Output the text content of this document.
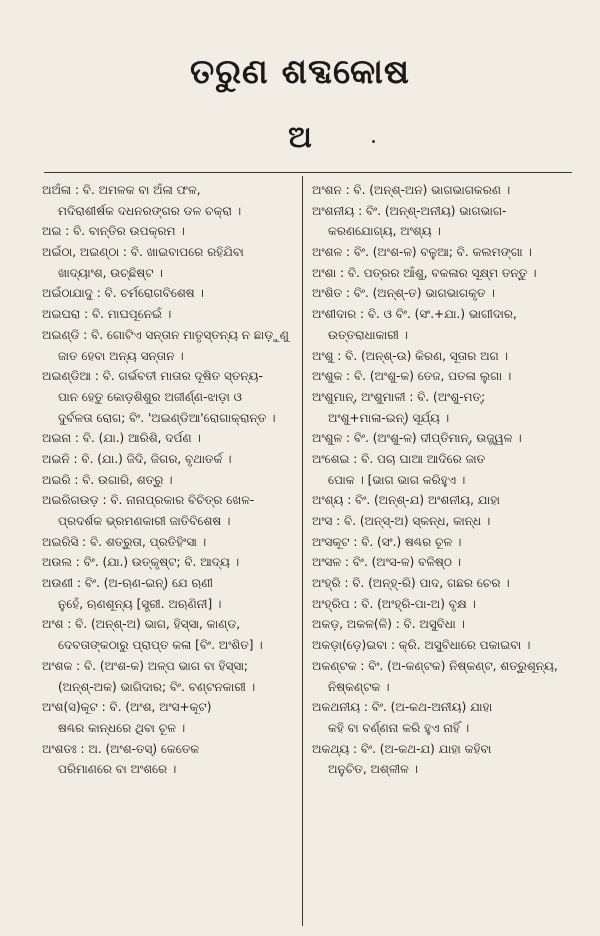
ତରୁଣ ଶବ୍ଦକୋଷ
ଅ
ଅଅଁଳା : ବି. ଅମଳକ ବା ଅଁଳା ଫଳ,
ମଦିରାଶୀର୍ଷକ ଦଧନରଙ୍ଗର ଡଳ ଚକ୍ରା ।
ଅଇ : ବି. ବାନ୍ତିର ଉପକ୍ରମ ।
ଅଇଁଠା, ଅଇଣ୍ଠା : ବି. ଖାଇବାପରେ ରହିଯିବା
ଖାଦ୍ୟାଂଶ, ଉଚ୍ଛିଷ୍ଟ ।
ଅଇଁଠାଯାଦୁ : ବି. ଚର୍ମରୋଗବିଶେଷ ।
ଅଇଘରା : ବି. ମାଘପୂନେଇଁ ।
ଅଇଣ୍ଡି : ବି. ଗୋଟିଏ ସନ୍ତାନ ମାତୃସ୍ତନ୍ୟ ନ ଛାଡ଼ୁଣୁ
ଜାତ ହେବା ଅନ୍ୟ ସନ୍ତାନ ।
ଅଇଣ୍ଡିଆ : ବି. ଗର୍ଭବତୀ ମାତାର ଦୂଷିତ ସ୍ତନ୍ୟ-
ପାନ ହେତୁ କୋଡ଼ଶିଶୁର ଅଜୀର୍ଣ୍ଣ-ଝାଡ଼ା ଓ
ଦୁର୍ବଳତା ରୋଗ; ବିଂ. 'ଅଇଣ୍ଡିଆ'ରୋଗାକ୍ରାନ୍ତ ।
ଅଇନା : ବି. (ଯା.) ଆରିଶି, ଦର୍ପଣ ।
ଅଇନି : ବି. (ଯା.) ଜିଦି, ଜିଗର, ବୃଥାତର୍କ ।
ଅଇରି : ବି. ଉଗାରି, ଶତ୍ରୁ ।
ଅଇରିଗଉଡ଼ : ବି. ନାନାପ୍ରକାର ବିଚିତ୍ର ଖେଳ-
ପ୍ରଦର୍ଶକ ଭ୍ରମଣକାରୀ ଜାତିବିଶେଷ ।
ଅଇରିସି : ବି. ଶତ୍ରୁତା, ପ୍ରତିହିଂସା ।
ଅଉଲ : ବିଂ. (ଯା.) ଉତ୍କୃଷ୍ଟ; ବି. ଆଦ୍ୟ ।
ଅଉଣୀ : ବିଂ. (ଅ-ଋଣ-ଇନ୍) ଯେ ଋଣୀ
ନୁହେଁ, ଋଣଶୂନ୍ୟ [ସ୍ତ୍ରୀ. ଅଋଣିନୀ] ।
ଅଂଶ : ବି. (ଅନ୍‌ଶ୍‌-ଅ) ଭାଗ, ହିସ୍ସା, କାଣ୍ଡ,
ଦେବତାଙ୍କଠାରୁ ପ୍ରାପ୍ତ କଳା [ବିଂ. ଅଂଶିତ] ।
ଅଂଶକ : ବି. (ଅଂଶ-କ) ଅଳ୍ପ ଭାଗ ବା ହିସ୍ସା;
(ଅନ୍‌ଶ୍‌-ଅକ) ଭାଗିଦାର; ବିଂ. ବଣ୍ଟନକାରୀ ।
ଅଂଶ(ସ)କୂଟ : ବି. (ଅଂଶ, ଅଂସ+କୂଟ)
ଷଣ୍ଢର କାନ୍ଧରେ ଥିବା ଚୂଳ ।
ଅଂଶତଃ : ଅ. (ଅଂଶ-ତସ୍) କେତେକ
ପରିମାଣରେ ବା ଅଂଶରେ ।
ଅଂଶନ : ବି. (ଅନ୍‌ଶ୍‌-ଅନ) ଭାଗଭାଗକରଣ ।
ଅଂଶନୀୟ : ବିଂ. (ଅନ୍‌ଶ୍‌-ଅନୀୟ) ଭାଗଭାଗ-
କରଣଯୋଗ୍ୟ, ଅଂଶ୍ୟ ।
ଅଂଶଳ : ବିଂ. (ଅଂଶ-ଳ) ବଳୁଆ; ବି. କଲମଙ୍ଗା ।
ଅଂଶା : ବି. ପତ୍ରର ଆଁଶୁ, ବକଳାର ସୂକ୍ଷ୍ମ ତନ୍ତୁ ।
ଅଂଶିତ : ବିଂ. (ଅନ୍‌ଶ୍‌-ତ) ଭାଗଭାଗକୃତ ।
ଅଂଶୀଦାର : ବି. ଓ ବିଂ. (ସଂ.+ଯା.) ଭାଗୀଦାର,
ଉତ୍ତରାଧାକାରୀ ।
ଅଂଶୁ : ବି. (ଅନ୍‌ଶ୍‌-ଉ) କିରଣ, ସୂତାର ଅଗ ।
ଅଂଶୁକ : ବି. (ଅଂଶୁ-କ) ତେଜ, ପତଳା ଲୁଗା ।
ଅଂଶୁମାନ୍, ଅଂଶୁମାଳୀ : ବି. (ଅଂଶୁ-ମତ୍;
ଅଂଶୁ+ମାଳା-ଇନ୍) ସୂର୍ଯ୍ୟ ।
ଅଂଶୁଳ : ବିଂ. (ଅଂଶୁ-ଳ) ଦୀପ୍ତିମାନ୍, ଉଜ୍ଜ୍ୱଳ ।
ଅଂଶେଇ : ବି. ପଚା ଘାଆ ଆଦିରେ ଜାତ
ପୋକ । [ଭାଗ ଭାଗ କରିହୁଏ ।
ଅଂଶ୍ୟ : ବିଂ. (ଅନ୍‌ଶ୍‌-ଯ) ଅଂଶନୀୟ, ଯାହା
ଅଂସ : ବି. (ଅନ୍‌ସ୍‌-ଅ) ସ୍କନ୍ଧ, କାନ୍ଧ ।
ଅଂସକୂଟ : ବି. (ସଂ.) ଷଣ୍ଢର ଚୂଳ ।
ଅଂସଳ : ବିଂ. (ଅଂସ-ଳ) ବଳିଷ୍ଠ ।
ଅଂହ୍ରି : ବି. (ଅନ୍‌ହ୍‌-ରି) ପାଦ, ଗଛର ଚେର ।
ଅଂହ୍ରିପ : ବି. (ଅଂହ୍ରି-ପା-ଅ) ବୃକ୍ଷ ।
ଅକଡ଼, ଅକଳ(ଳି) : ବି. ଅସୁବିଧା ।
ଅକଡ଼ା(ଡ଼େ)ଇବା : କ୍ରି. ଅସୁବିଧାରେ ପକାଇବା ।
ଅକଣ୍ଟକ : ବିଂ. (ଅ-କଣ୍ଟକ) ନିଷ୍କଣ୍ଟ, ଶତ୍ରୁଶୂନ୍ୟ,
ନିଷ୍କଣ୍ଟକ ।
ଅକଥନୀୟ : ବିଂ. (ଅ-କଥ-ଅନୀୟ) ଯାହା
କହି ବା ବର୍ଣ୍ଣନା କରି ହୁଏ ନାହିଁ ।
ଅକଥ୍ୟ : ବିଂ. (ଅ-କଥ-ଯ) ଯାହା କହିବା
ଅନୁଚିତ, ଅଶ୍ଳୀଳ ।
